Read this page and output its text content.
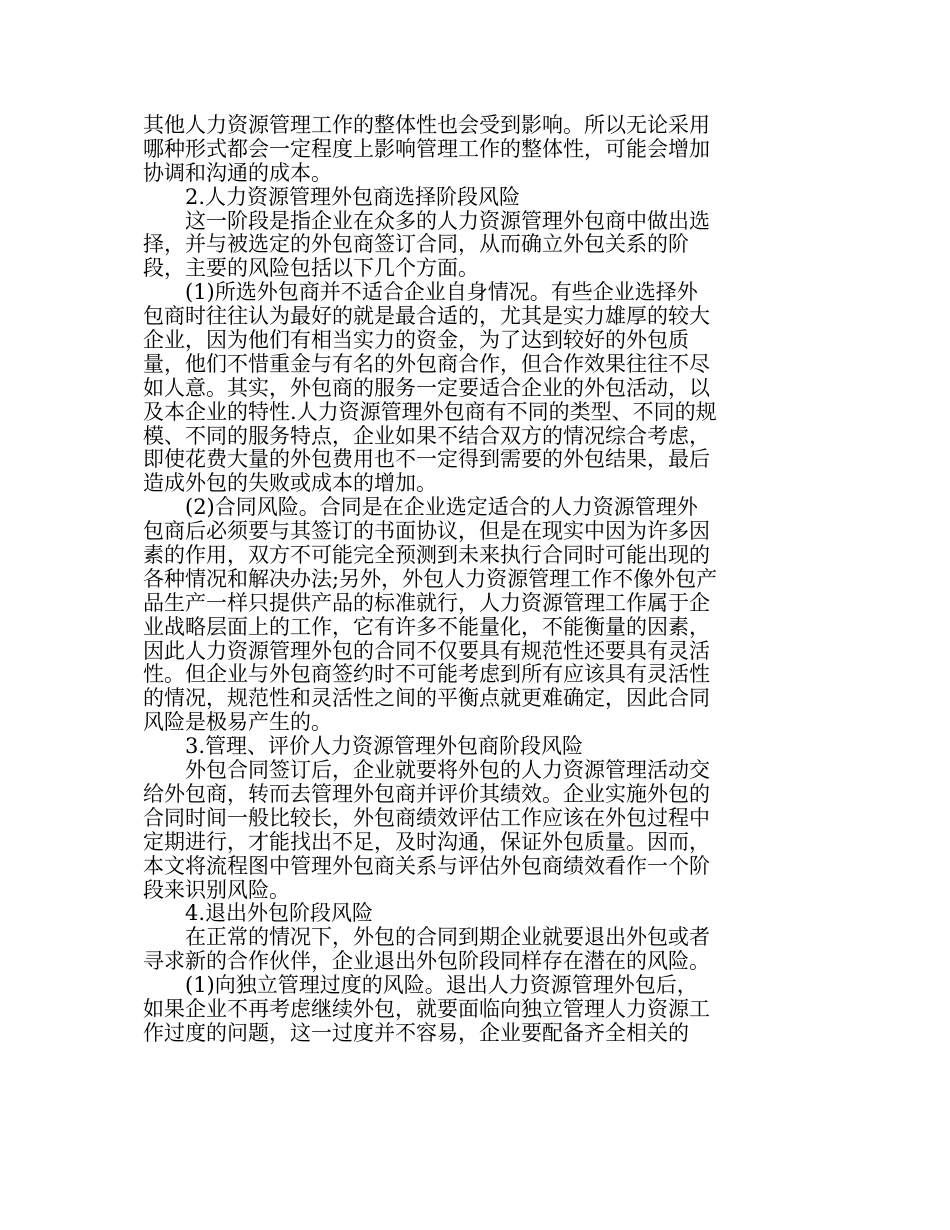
其他人力资源管理工作的整体性也会受到影响。所以无论采用
哪种形式都会一定程度上影响管理工作的整体性，可能会增加
协调和沟通的成本。
2.人力资源管理外包商选择阶段风险
这一阶段是指企业在众多的人力资源管理外包商中做出选
择，并与被选定的外包商签订合同，从而确立外包关系的阶
段，主要的风险包括以下几个方面。
(1)所选外包商并不适合企业自身情况。有些企业选择外
包商时往往认为最好的就是最合适的，尤其是实力雄厚的较大
企业，因为他们有相当实力的资金，为了达到较好的外包质
量，他们不惜重金与有名的外包商合作，但合作效果往往不尽
如人意。其实，外包商的服务一定要适合企业的外包活动，以
及本企业的特性.人力资源管理外包商有不同的类型、不同的规
模、不同的服务特点，企业如果不结合双方的情况综合考虑，
即使花费大量的外包费用也不一定得到需要的外包结果，最后
造成外包的失败或成本的增加。
(2)合同风险。合同是在企业选定适合的人力资源管理外
包商后必须要与其签订的书面协议，但是在现实中因为许多因
素的作用，双方不可能完全预测到未来执行合同时可能出现的
各种情况和解决办法;另外，外包人力资源管理工作不像外包产
品生产一样只提供产品的标准就行，人力资源管理工作属于企
业战略层面上的工作，它有许多不能量化，不能衡量的因素，
因此人力资源管理外包的合同不仅要具有规范性还要具有灵活
性。但企业与外包商签约时不可能考虑到所有应该具有灵活性
的情况，规范性和灵活性之间的平衡点就更难确定，因此合同
风险是极易产生的。
3.管理、评价人力资源管理外包商阶段风险
外包合同签订后，企业就要将外包的人力资源管理活动交
给外包商，转而去管理外包商并评价其绩效。企业实施外包的
合同时间一般比较长，外包商绩效评估工作应该在外包过程中
定期进行，才能找出不足，及时沟通，保证外包质量。因而，
本文将流程图中管理外包商关系与评估外包商绩效看作一个阶
段来识别风险。
4.退出外包阶段风险
在正常的情况下，外包的合同到期企业就要退出外包或者
寻求新的合作伙伴，企业退出外包阶段同样存在潜在的风险。
(1)向独立管理过度的风险。退出人力资源管理外包后，
如果企业不再考虑继续外包，就要面临向独立管理人力资源工
作过度的问题，这一过度并不容易，企业要配备齐全相关的
